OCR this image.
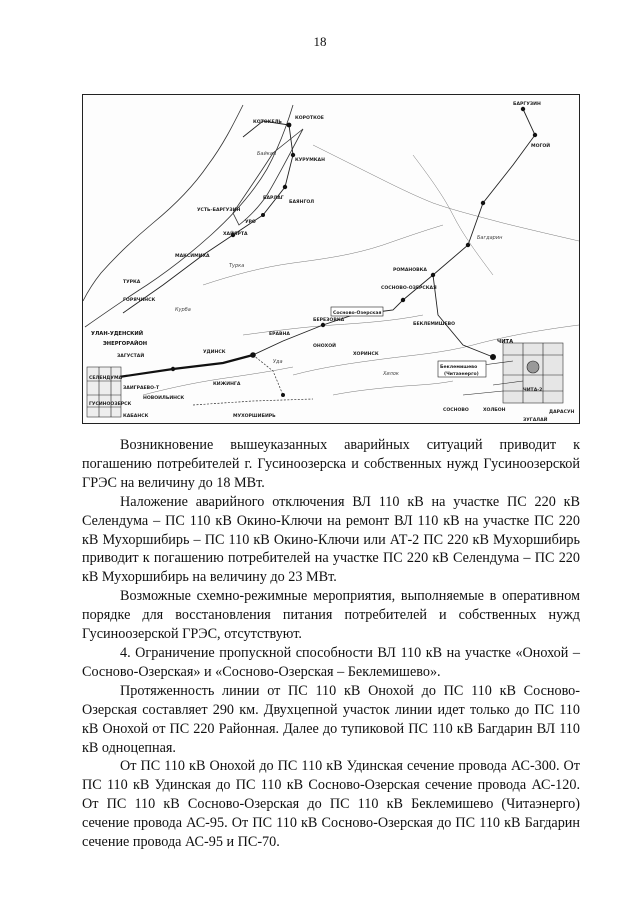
18
КОТОКЕЛЬ
КОРОТКОЕ
БАРГУЗИН
МОГОЙ
КУРУМКАН
БАРЛАГ
БАЯНГОЛ
УРО
ХАЙЯРТА
Байкал
УСТЬ-БАРГУЗИН
МАКСИМИХА
Турка
ТУРКА
ГОРЯЧИНСК
УЛАН-УДЕНСКИЙ
ЭНЕРГОРАЙОН
Курба
Багдарин
РОМАНОВКА
СОСНОВО-ОЗЕРСКАЯ
Сосново-Озерская
БЕКЛЕМИШЕВО
БЕРЕЗОВКА
ЕРАВНА
ОНОХОЙ
ЗАГУСТАЙ
УДИНСК
ЗАИГРАЕВО-Т
НОВОИЛЬИНСК
КИЖИНГА
МУХОРШИБИРЬ
ХОРИНСК
Уда
Хилок
ЧИТА
ЧИТА-2
ХОЛБОН	ДАРАСУН
ЗУГАЛАЙ
СОСНОВО
Беклемишево
(Читаэнерго)
СЕЛЕНДУМА
ГУСИНООЗЕРСК
КАБАНСК

Возникновение вышеуказанных аварийных ситуаций приводит к погашению потребителей г. Гусиноозерска и собственных нужд Гусиноозерской ГРЭС на величину до 18 МВт.

Наложение аварийного отключения ВЛ 110 кВ на участке ПС 220 кВ Селендума – ПС 110 кВ Окино-Ключи на ремонт ВЛ 110 кВ на участке ПС 220 кВ Мухоршибирь – ПС 110 кВ Окино-Ключи или АТ-2 ПС 220 кВ Мухоршибирь приводит к погашению потребителей на участке ПС 220 кВ Селендума – ПС 220 кВ Мухоршибирь на величину до 23 МВт.

Возможные схемно-режимные мероприятия, выполняемые в оперативном порядке для восстановления питания потребителей и собственных нужд Гусиноозерской ГРЭС, отсутствуют.

4. Ограничение пропускной способности ВЛ 110 кВ на участке «Онохой – Сосново-Озерская» и «Сосново-Озерская – Беклемишево».

Протяженность линии от ПС 110 кВ Онохой до ПС 110 кВ Сосново-Озерская составляет 290 км. Двухцепной участок линии идет только до ПС 110 кВ Онохой от ПС 220 Районная. Далее до тупиковой ПС 110 кВ Багдарин ВЛ 110 кВ одноцепная.

От ПС 110 кВ Онохой до ПС 110 кВ Удинская сечение провода АС-300. От ПС 110 кВ Удинская до ПС 110 кВ Сосново-Озерская сечение провода АС-120. От ПС 110 кВ Сосново-Озерская до ПС 110 кВ Беклемишево (Читаэнерго) сечение провода АС-95. От ПС 110 кВ Сосново-Озерская до ПС 110 кВ Багдарин сечение провода АС-95 и ПС-70.
